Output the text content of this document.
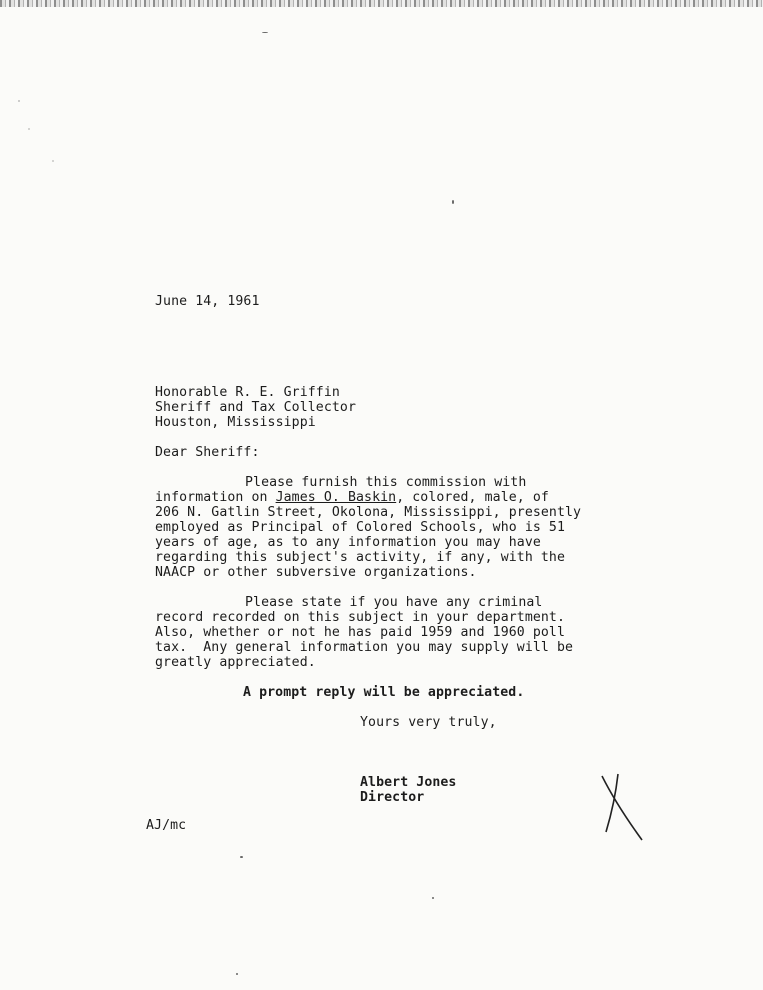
June 14, 1961
Honorable R. E. Griffin
Sheriff and Tax Collector
Houston, Mississippi
Dear Sheriff:
Please furnish this commission with
information on James O. Baskin, colored, male, of
206 N. Gatlin Street, Okolona, Mississippi, presently
employed as Principal of Colored Schools, who is 51
years of age, as to any information you may have
regarding this subject's activity, if any, with the
NAACP or other subversive organizations.
Please state if you have any criminal
record recorded on this subject in your department.
Also, whether or not he has paid 1959 and 1960 poll
tax.  Any general information you may supply will be
greatly appreciated.
A prompt reply will be appreciated.
Yours very truly,
Albert Jones
Director
AJ/mc
